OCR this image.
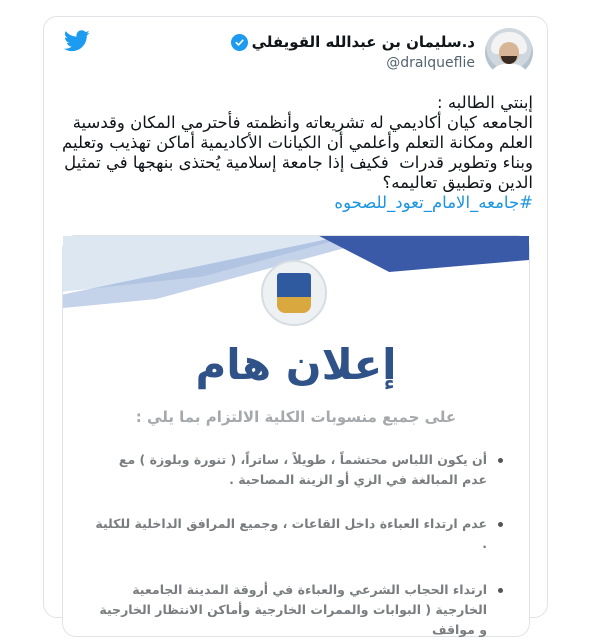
د.سليمان بن عبدالله القويفلي
@dralqueflie
إبنتي الطالبه :
الجامعه كيان أكاديمي له تشريعاته وأنظمته فأحترمي المكان وقدسية العلم ومكانة التعلم وأعلمي أن الكيانات الأكاديمية أماكن تهذيب وتعليم وبناء وتطوير قدرات  فكيف إذا جامعة إسلامية يُحتذى بنهجها في تمثيل الدين وتطبيق تعاليمه؟
#جامعه_الامام_تعود_للصحوه
إعلان هام
على جميع منسوبات الكلية الالتزام بما يلي :
أن يكون اللباس محتشماً ، طويلاً ، ساتراً، ( تنورة وبلوزة ) مع عدم المبالغة في الزي أو الزينة المصاحبة .
عدم ارتداء العباءة داخل القاعات ، وجميع المرافق الداخلية للكلية .
ارتداء الحجاب الشرعي والعباءة في أروقة المدينة الجامعية الخارجية ( البوابات والممرات الخارجية وأماكن الانتظار الخارجية و مواقف
